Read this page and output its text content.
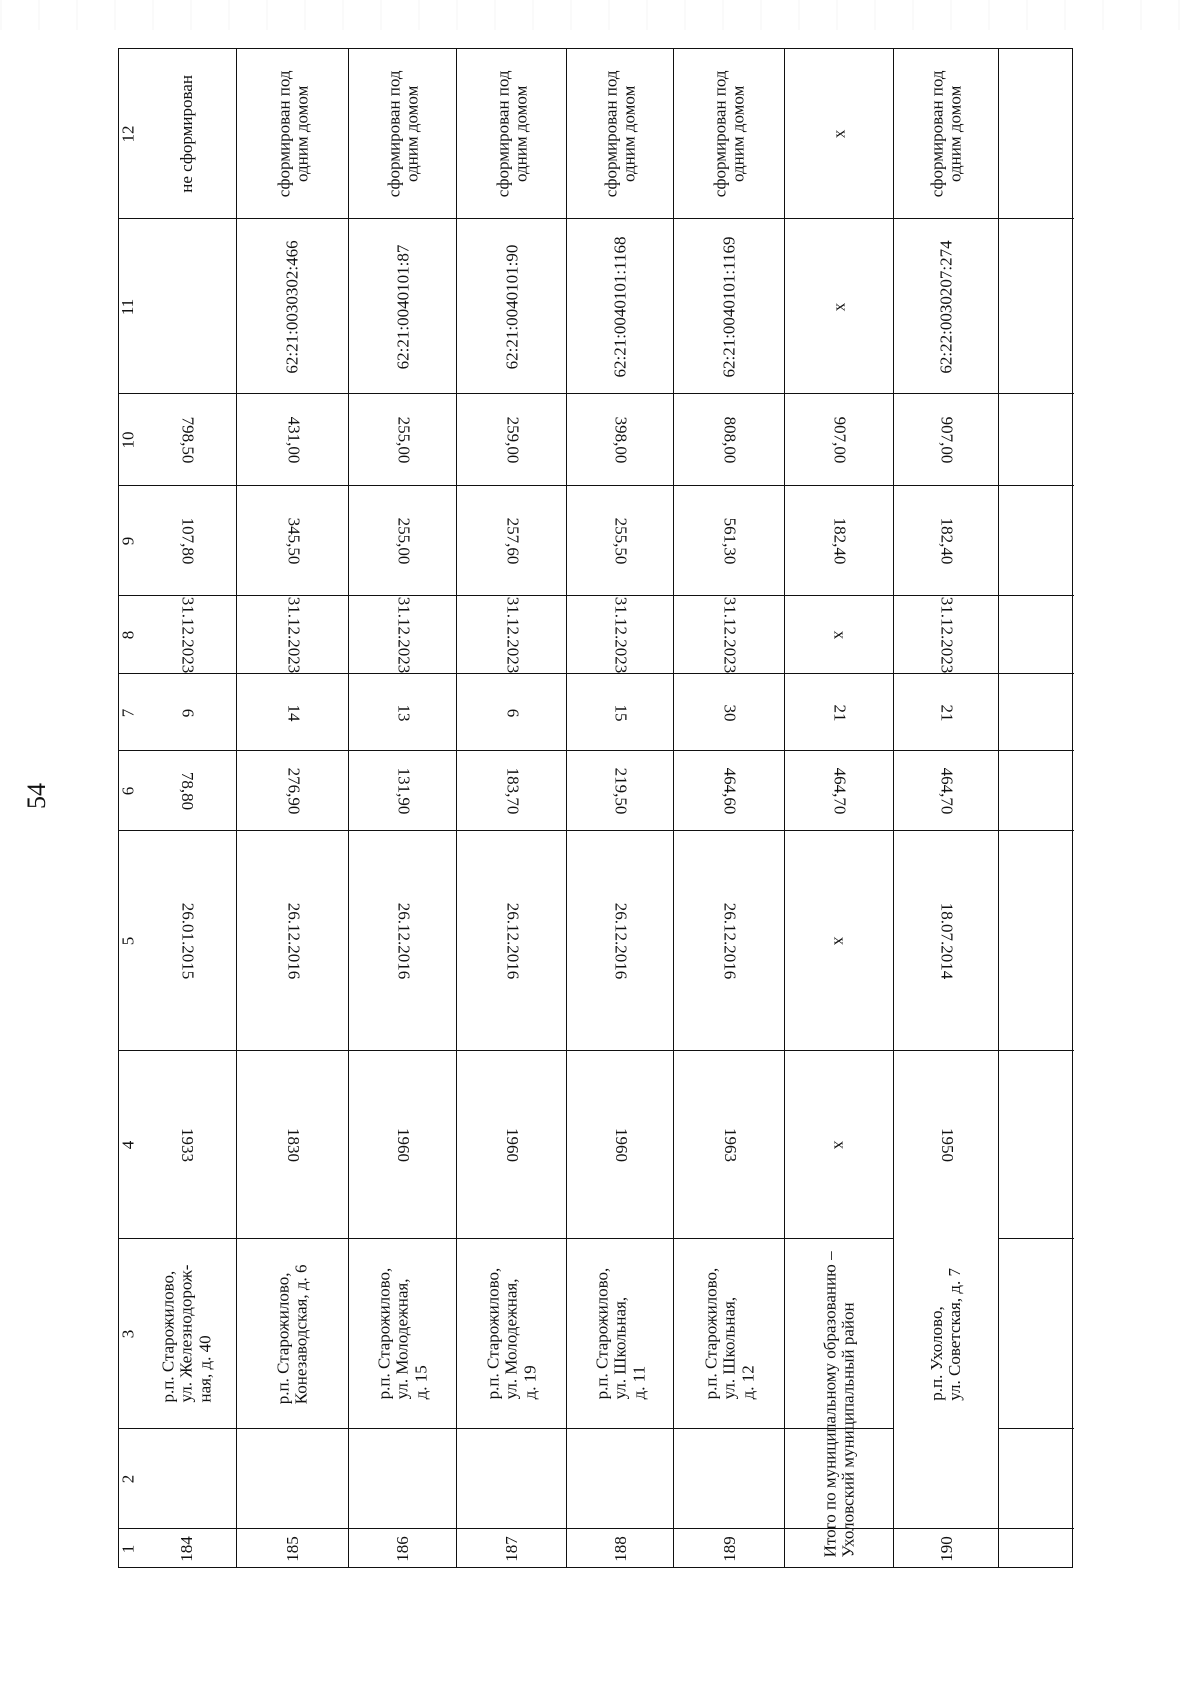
54
12
11
10
9
8
7
6
5
4
3
2
1
не сформирован
798,50
107,80
31.12.2023
6
78,80
26.01.2015
1933
р.п. Старожилово,
ул. Железнодорож-
ная, д. 40
184
сформирован под
одним домом
62:21:0030302:466
431,00
345,50
31.12.2023
14
276,90
26.12.2016
1830
р.п. Старожилово,
Конезаводская, д. 6
185
сформирован под
одним домом
62:21:0040101:87
255,00
255,00
31.12.2023
13
131,90
26.12.2016
1960
р.п. Старожилово,
ул. Молодежная,
д. 15
186
сформирован под
одним домом
62:21:0040101:90
259,00
257,60
31.12.2023
6
183,70
26.12.2016
1960
р.п. Старожилово,
ул. Молодежная,
д. 19
187
сформирован под
одним домом
62:21:0040101:1168
398,00
255,50
31.12.2023
15
219,50
26.12.2016
1960
р.п. Старожилово,
ул. Школьная,
д. 11
188
сформирован под
одним домом
62:21:0040101:1169
808,00
561,30
31.12.2023
30
464,60
26.12.2016
1963
р.п. Старожилово,
ул. Школьная,
д. 12
189
x
x
907,00
182,40
x
21
464,70
x
x
Итого по муниципальному образованию –
Ухоловский муниципальный район
сформирован под
одним домом
62:22:0030207:274
907,00
182,40
31.12.2023
21
464,70
18.07.2014
1950
р.п. Ухолово,
ул. Советская, д. 7
190
